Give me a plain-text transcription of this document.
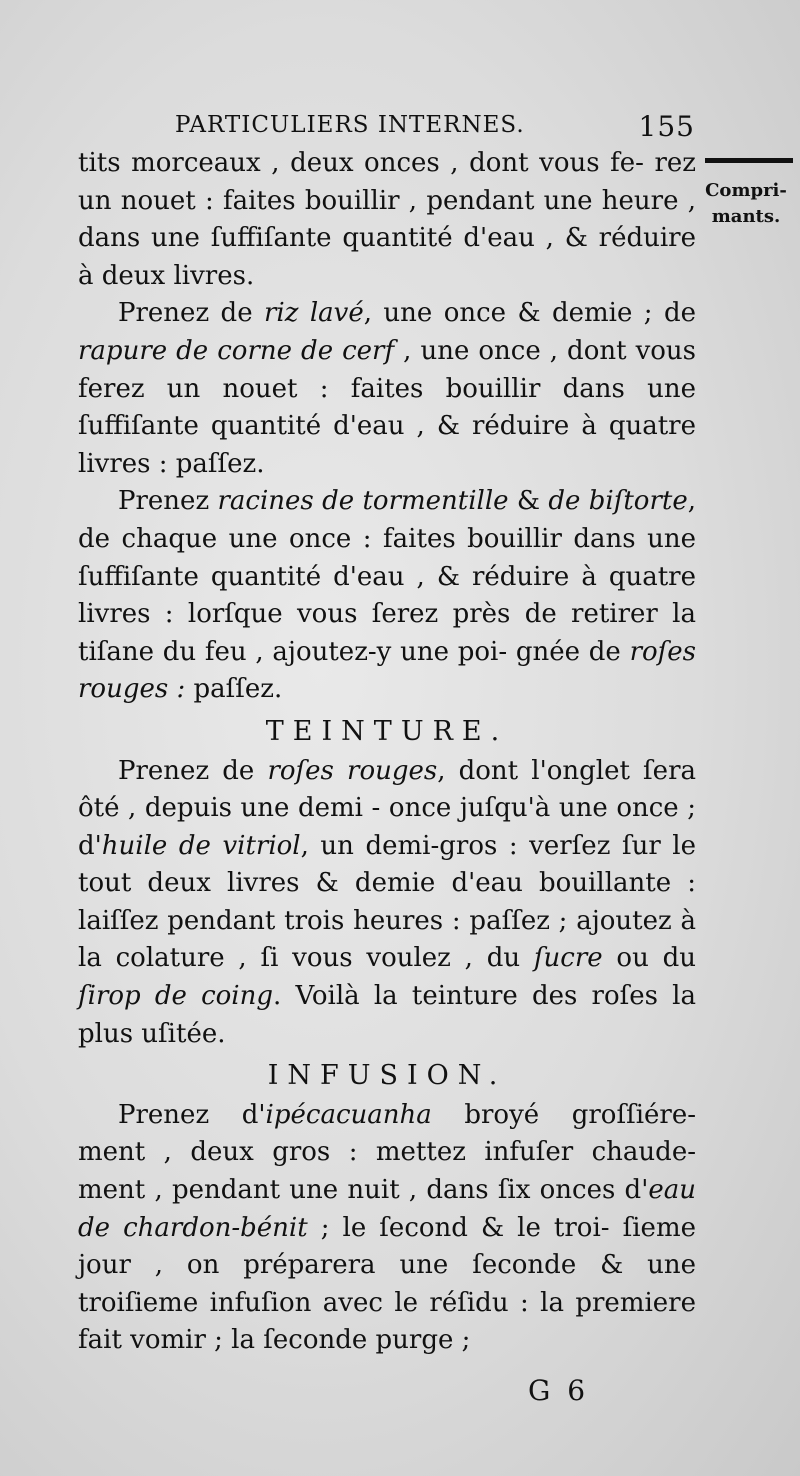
PARTICULIERS INTERNES.	155
Compri-
mants.

tits morceaux , deux onces , dont vous fe- rez un nouet : faites bouillir , pendant une heure , dans une ſuffiſante quantité d'eau , & réduire à deux livres.

Prenez de riz lavé, une once & demie ; de rapure de corne de cerf , une once , dont vous ferez un nouet : faites bouillir dans une ſuffiſante quantité d'eau , & réduire à quatre livres : paſſez.

Prenez racines de tormentille & de biſtorte, de chaque une once : faites bouillir dans une ſuffiſante quantité d'eau , & réduire à quatre livres : lorſque vous ſerez près de retirer la tiſane du feu , ajoutez-y une poi- gnée de roſes rouges : paſſez.

TEINTURE.

Prenez de roſes rouges, dont l'onglet ſera ôté , depuis une demi - once juſqu'à une once ; d'huile de vitriol, un demi-gros : verſez ſur le tout deux livres & demie d'eau bouillante : laiſſez pendant trois heures : paſſez ; ajoutez à la colature , ſi vous voulez , du ſucre ou du ſirop de coing. Voilà la teinture des roſes la plus uſitée.

INFUSION.

Prenez d'ipécacuanha broyé groſſiére- ment , deux gros : mettez infuſer chaude- ment , pendant une nuit , dans ſix onces d'eau de chardon-bénit ; le ſecond & le troi- ſieme jour , on préparera une ſeconde & une troiſieme infuſion avec le réſidu : la premiere fait vomir ; la ſeconde purge ;

G 6
